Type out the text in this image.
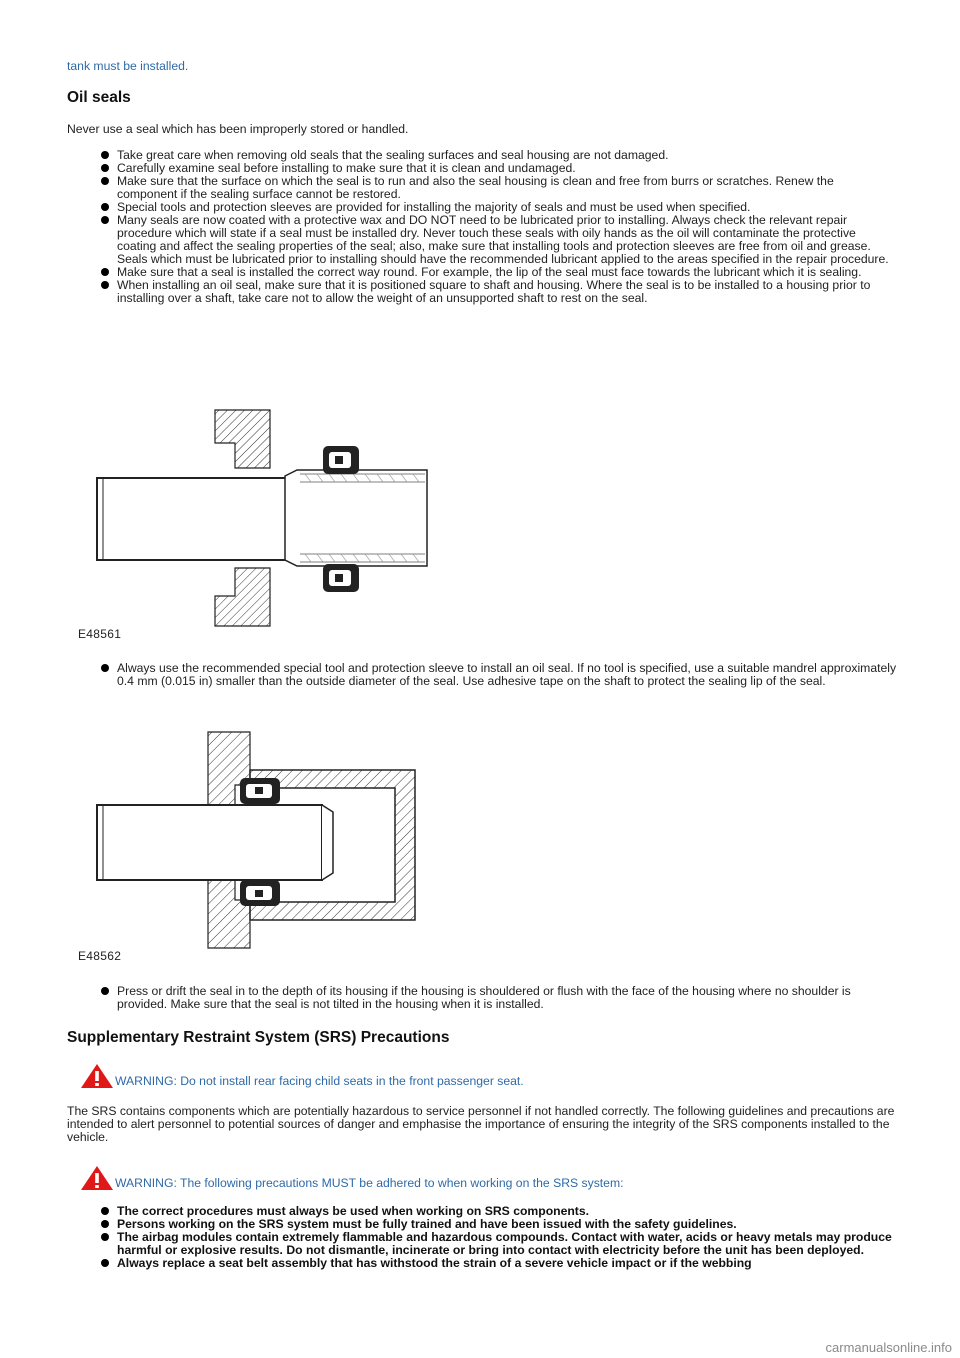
tank must be installed.
Oil seals

Never use a seal which has been improperly stored or handled.

Take great care when removing old seals that the sealing surfaces and seal housing are not damaged.
Carefully examine seal before installing to make sure that it is clean and undamaged.
Make sure that the surface on which the seal is to run and also the seal housing is clean and free from burrs or scratches. Renew the component if the sealing surface cannot be restored.
Special tools and protection sleeves are provided for installing the majority of seals and must be used when specified.
Many seals are now coated with a protective wax and DO NOT need to be lubricated prior to installing. Always check the relevant repair procedure which will state if a seal must be installed dry. Never touch these seals with oily hands as the oil will contaminate the protective coating and affect the sealing properties of the seal; also, make sure that installing tools and protection sleeves are free from oil and grease. Seals which must be lubricated prior to installing should have the recommended lubricant applied to the areas specified in the repair procedure.
Make sure that a seal is installed the correct way round. For example, the lip of the seal must face towards the lubricant which it is sealing.
When installing an oil seal, make sure that it is positioned square to shaft and housing. Where the seal is to be installed to a housing prior to installing over a shaft, take care not to allow the weight of an unsupported shaft to rest on the seal.
E48561
Always use the recommended special tool and protection sleeve to install an oil seal. If no tool is specified, use a suitable mandrel approximately 0.4 mm (0.015 in) smaller than the outside diameter of the seal. Use adhesive tape on the shaft to protect the sealing lip of the seal.
E48562
Press or drift the seal in to the depth of its housing if the housing is shouldered or flush with the face of the housing where no shoulder is provided. Make sure that the seal is not tilted in the housing when it is installed.
Supplementary Restraint System (SRS) Precautions
WARNING: Do not install rear facing child seats in the front passenger seat.

The SRS contains components which are potentially hazardous to service personnel if not handled correctly. The following guidelines and precautions are intended to alert personnel to potential sources of danger and emphasise the importance of ensuring the integrity of the SRS components installed to the vehicle.

WARNING: The following precautions MUST be adhered to when working on the SRS system:
The correct procedures must always be used when working on SRS components.
Persons working on the SRS system must be fully trained and have been issued with the safety guidelines.
The airbag modules contain extremely flammable and hazardous compounds. Contact with water, acids or heavy metals may produce harmful or explosive results. Do not dismantle, incinerate or bring into contact with electricity before the unit has been deployed.
Always replace a seat belt assembly that has withstood the strain of a severe vehicle impact or if the webbing
carmanualsonline.info
